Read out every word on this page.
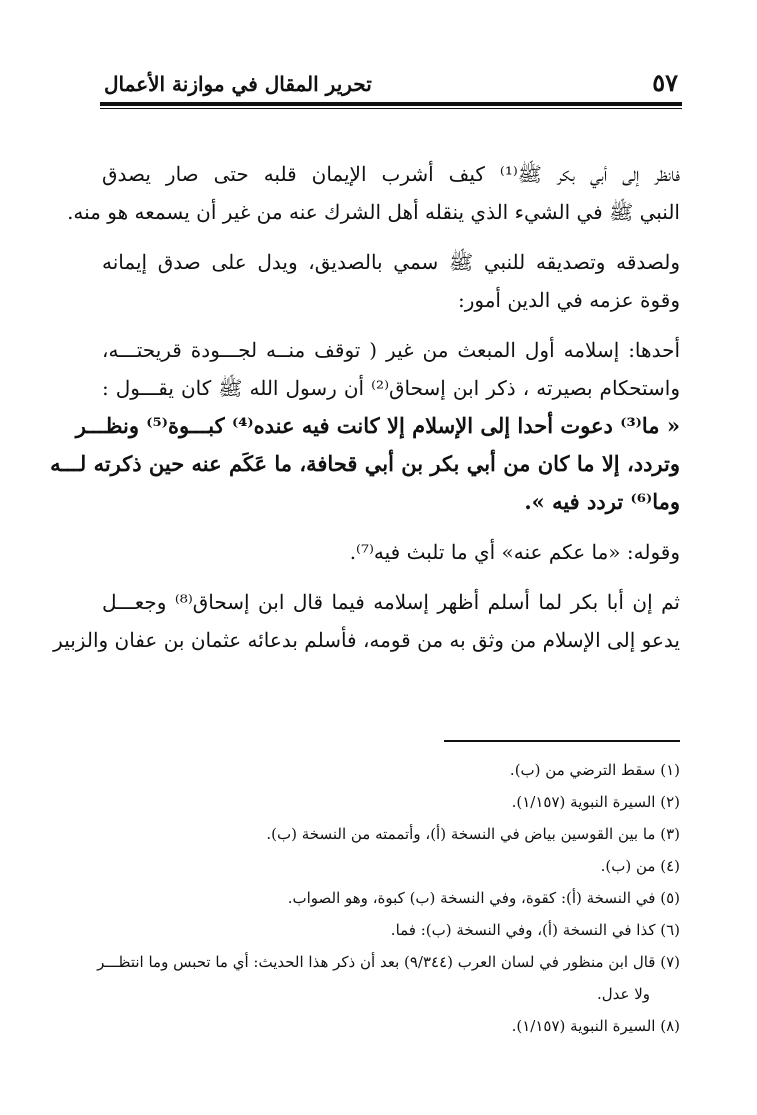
٥٧
تحرير المقال في موازنة الأعمال
فانظر إلى أبي بكر ﷺ⁽¹⁾ كيف أشرب الإيمان قلبه حتى صار يصدق
النبي ﷺ في الشيء الذي ينقله أهل الشرك عنه من غير أن يسمعه هو منه.
ولصدقه وتصديقه للنبي ﷺ سمي بالصديق، ويدل على صدق إيمانه
وقوة عزمه في الدين أمور:
أحدها: إسلامه أول المبعث من غير ( توقف منــه لجـــودة قريحتـــه،
واستحكام بصيرته ، ذكر ابن إسحاق⁽²⁾ أن رسول الله ﷺ كان يقـــول :
« ما⁽³⁾ دعوت أحدا إلى الإسلام إلا كانت فيه عنده⁽⁴⁾ كبـــوة⁽⁵⁾ ونظـــر
وتردد، إلا ما كان من أبي بكر بن أبي قحافة، ما عَكَم عنه حين ذكرته لـــه
وما⁽⁶⁾ تردد فيه ».
وقوله: «ما عكم عنه» أي ما تلبث فيه⁽⁷⁾.
ثم إن أبا بكر لما أسلم أظهر إسلامه فيما قال ابن إسحاق⁽⁸⁾ وجعـــل
يدعو إلى الإسلام من وثق به من قومه، فأسلم بدعائه عثمان بن عفان والزبير
(١) سقط الترضي من (ب).
(٢) السيرة النبوية (١/١٥٧).
(٣) ما بين القوسين بياض في النسخة (أ)، وأتممته من النسخة (ب).
(٤) من (ب).
(٥) في النسخة (أ): كقوة، وفي النسخة (ب) كبوة، وهو الصواب.
(٦) كذا في النسخة (أ)، وفي النسخة (ب): فما.
(٧) قال ابن منظور في لسان العرب (٩/٣٤٤) بعد أن ذكر هذا الحديث: أي ما تحبس وما انتظـــر
ولا عدل.
(٨) السيرة النبوية (١/١٥٧).
